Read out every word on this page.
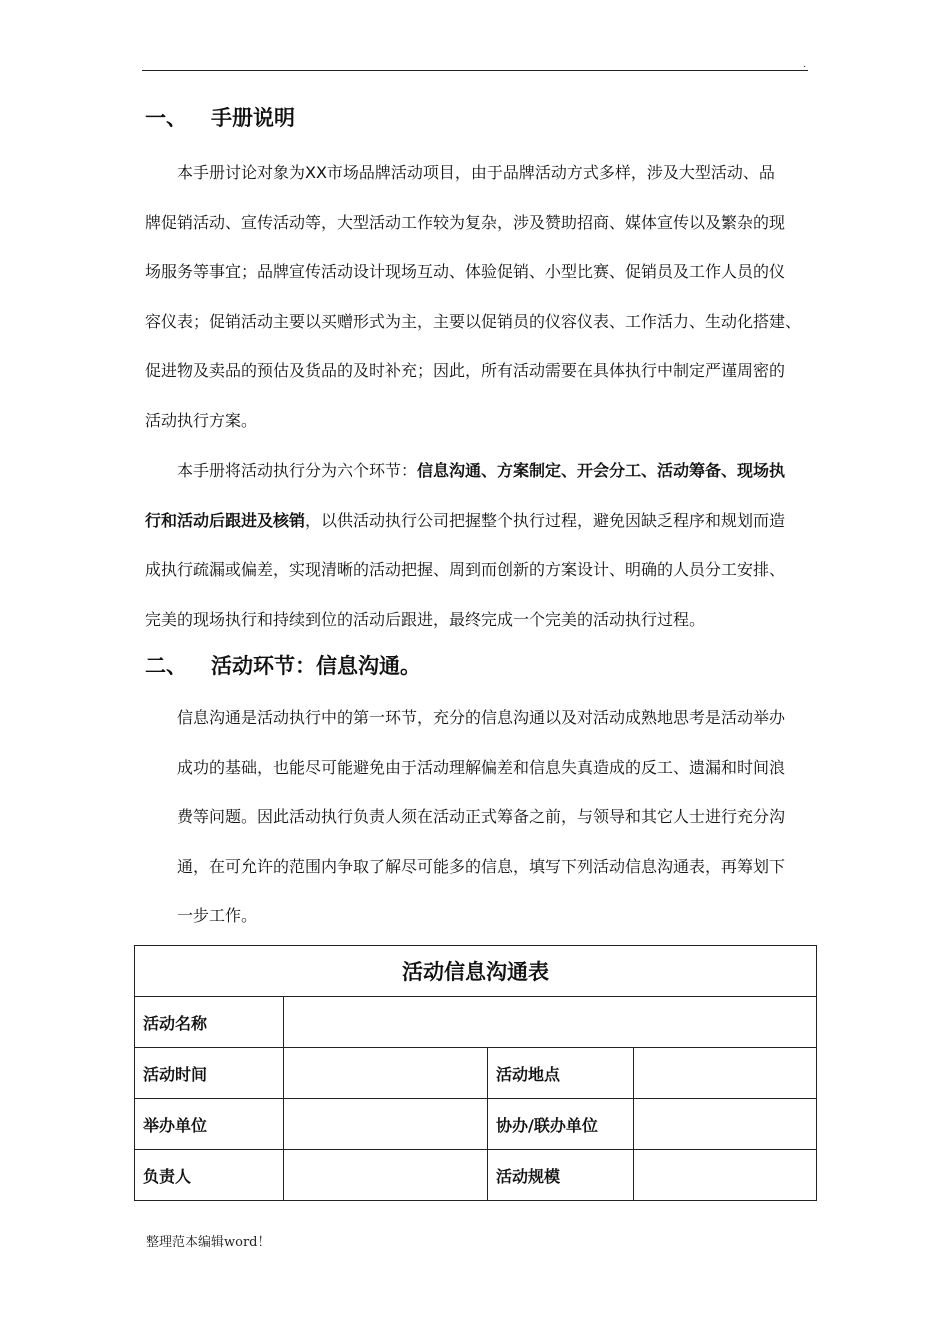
.
一、 手册说明

本手册讨论对象为XX市场品牌活动项目，由于品牌活动方式多样，涉及大型活动、品
牌促销活动、宣传活动等，大型活动工作较为复杂，涉及赞助招商、媒体宣传以及繁杂的现
场服务等事宜；品牌宣传活动设计现场互动、体验促销、小型比赛、促销员及工作人员的仪
容仪表；促销活动主要以买赠形式为主，主要以促销员的仪容仪表、工作活力、生动化搭建、
促进物及卖品的预估及货品的及时补充；因此，所有活动需要在具体执行中制定严谨周密的
活动执行方案。

本手册将活动执行分为六个环节：信息沟通、方案制定、开会分工、活动筹备、现场执
行和活动后跟进及核销，以供活动执行公司把握整个执行过程，避免因缺乏程序和规划而造
成执行疏漏或偏差，实现清晰的活动把握、周到而创新的方案设计、明确的人员分工安排、
完美的现场执行和持续到位的活动后跟进，最终完成一个完美的活动执行过程。

二、 活动环节：信息沟通。

信息沟通是活动执行中的第一环节，充分的信息沟通以及对活动成熟地思考是活动举办
成功的基础，也能尽可能避免由于活动理解偏差和信息失真造成的反工、遗漏和时间浪
费等问题。因此活动执行负责人须在活动正式筹备之前，与领导和其它人士进行充分沟
通，在可允许的范围内争取了解尽可能多的信息，填写下列活动信息沟通表，再筹划下
一步工作。

活动信息沟通表			
活动名称			
活动时间		活动地点	
举办单位		协办/联办单位	
负责人		活动规模	
整理范本编辑word！
